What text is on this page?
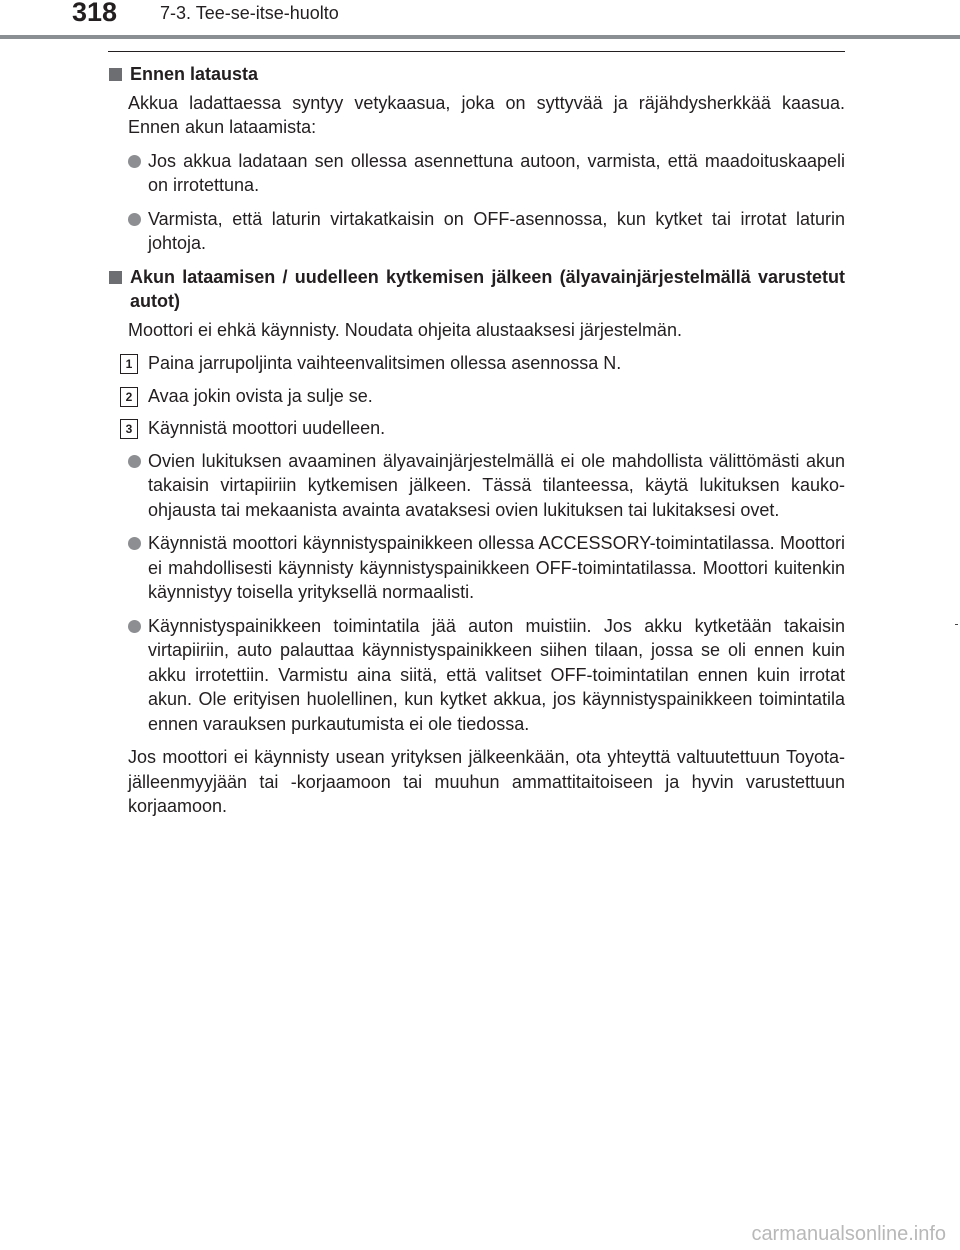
318 7-3. Tee-se-itse-huolto
Ennen latausta
Akkua ladattaessa syntyy vetykaasua, joka on syttyvää ja räjähdysherkkää kaasua. Ennen akun lataamista:
Jos akkua ladataan sen ollessa asennettuna autoon, varmista, että maadoituskaapeli on irrotettuna.
Varmista, että laturin virtakatkaisin on OFF-asennossa, kun kytket tai irrotat laturin johtoja.
Akun lataamisen / uudelleen kytkemisen jälkeen (älyavainjärjestelmällä varustetut autot)
Moottori ei ehkä käynnisty. Noudata ohjeita alustaaksesi järjestelmän.
1 Paina jarrupoljinta vaihteenvalitsimen ollessa asennossa N.
2 Avaa jokin ovista ja sulje se.
3 Käynnistä moottori uudelleen.
Ovien lukituksen avaaminen älyavainjärjestelmällä ei ole mahdollista välittömästi akun takaisin virtapiiriin kytkemisen jälkeen. Tässä tilanteessa, käytä lukituksen kauko-ohjausta tai mekaanista avainta avataksesi ovien lukituksen tai lukitaksesi ovet.
Käynnistä moottori käynnistyspainikkeen ollessa ACCESSORY-toimintatilassa. Moottori ei mahdollisesti käynnisty käynnistyspainikkeen OFF-toimintatilassa. Moottori kuitenkin käynnistyy toisella yrityksellä normaalisti.
Käynnistyspainikkeen toimintatila jää auton muistiin. Jos akku kytketään takaisin virtapiiriin, auto palauttaa käynnistyspainikkeen siihen tilaan, jossa se oli ennen kuin akku irrotettiin. Varmistu aina siitä, että valitset OFF-toimintatilan ennen kuin irrotat akun. Ole erityisen huolellinen, kun kytket akkua, jos käynnistyspainikkeen toimintatila ennen varauksen purkautumista ei ole tiedossa.
Jos moottori ei käynnisty usean yrityksen jälkeenkään, ota yhteyttä valtuutettuun Toyota-jälleenmyyjään tai -korjaamoon tai muuhun ammattitaitoiseen ja hyvin varustettuun korjaamoon.
carmanualsonline.info
